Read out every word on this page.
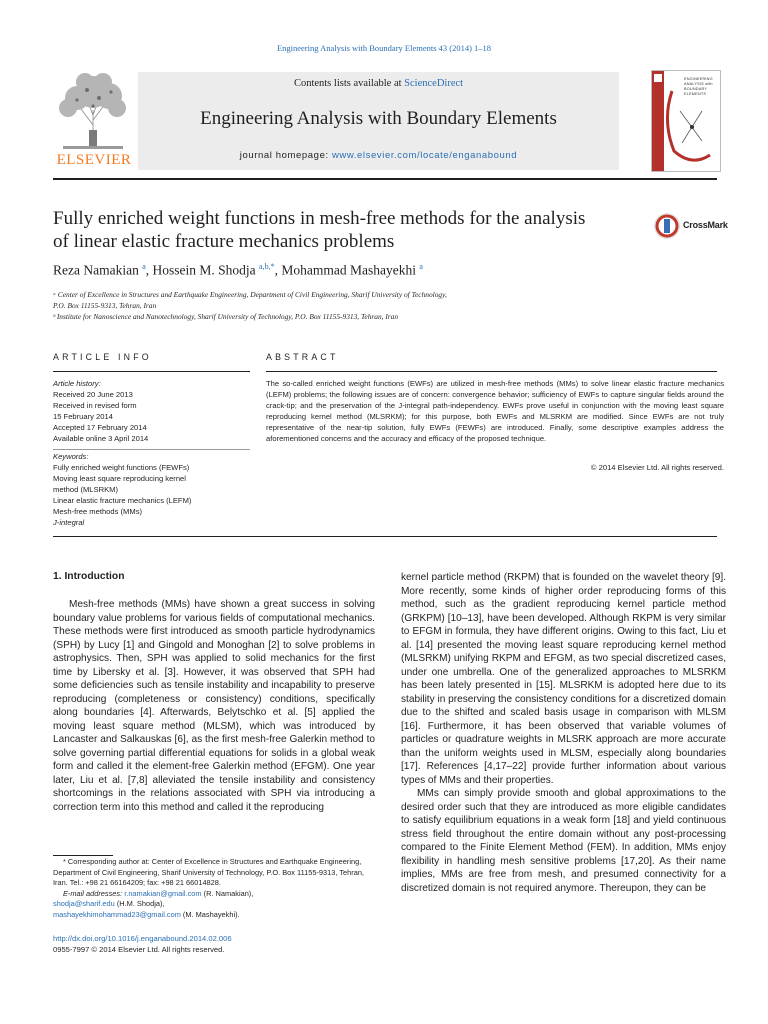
Engineering Analysis with Boundary Elements 43 (2014) 1–18
ELSEVIER
Contents lists available at ScienceDirect
Engineering Analysis with Boundary Elements
journal homepage: www.elsevier.com/locate/enganabound
ENGINEERING ANALYSIS with BOUNDARY ELEMENTS
Fully enriched weight functions in mesh-free methods for the analysis
of linear elastic fracture mechanics problems
CrossMark
Reza Namakian $^a$, Hossein M. Shodja $^{a,b,*}$, Mohammad Mashayekhi $^a$
ᵃ Center of Excellence in Structures and Earthquake Engineering, Department of Civil Engineering, Sharif University of Technology,
P.O. Box 11155-9313, Tehran, Iran
ᵇ Institute for Nanoscience and Nanotechnology, Sharif University of Technology, P.O. Box 11155-9313, Tehran, Iran
ARTICLE INFO	ABSTRACT
Article history:
Received 20 June 2013
Received in revised form
15 February 2014
Accepted 17 February 2014
Available online 3 April 2014
Keywords:
Fully enriched weight functions (FEWFs)
Moving least square reproducing kernel
method (MLSRKM)
Linear elastic fracture mechanics (LEFM)
Mesh-free methods (MMs)
J-integral
The so-called enriched weight functions (EWFs) are utilized in mesh-free methods (MMs) to solve linear elastic fracture mechanics (LEFM) problems; the following issues are of concern: convergence behavior; sufficiency of EWFs to capture singular fields around the crack-tip; and the preservation of the J-integral path-independency. EWFs prove useful in conjunction with the moving least square reproducing kernel method (MLSRKM); for this purpose, both EWFs and MLSRKM are modified. Since EWFs are not truly representative of the near-tip solution, fully EWFs (FEWFs) are introduced. Finally, some descriptive examples address the aforementioned concerns and the accuracy and efficacy of the proposed technique.
© 2014 Elsevier Ltd. All rights reserved.
1. Introduction

Mesh-free methods (MMs) have shown a great success in solving boundary value problems for various fields of computational mechanics. These methods were first introduced as smooth particle hydrodynamics (SPH) by Lucy [1] and Gingold and Monoghan [2] to solve problems in astrophysics. Then, SPH was applied to solid mechanics for the first time by Libersky et al. [3]. However, it was observed that SPH had some deficiencies such as tensile instability and incapability to preserve reproducing (completeness or consistency) conditions, specifically along boundaries [4]. Afterwards, Belytschko et al. [5] applied the moving least square method (MLSM), which was introduced by Lancaster and Salkauskas [6], as the first mesh-free Galerkin method to solve governing partial differential equations for solids in a global weak form and called it the element-free Galerkin method (EFGM). One year later, Liu et al. [7,8] alleviated the tensile instability and consistency shortcomings in the relations associated with SPH via introducing a correction term into this method and called it the reproducing

kernel particle method (RKPM) that is founded on the wavelet theory [9]. More recently, some kinds of higher order reproducing forms of this method, such as the gradient reproducing kernel particle method (GRKPM) [10–13], have been developed. Although RKPM is very similar to EFGM in formula, they have different origins. Owing to this fact, Liu et al. [14] presented the moving least square reproducing kernel method (MLSRKM) unifying RKPM and EFGM, as two special discretized cases, under one umbrella. One of the generalized approaches to MLSRKM has been lately presented in [15]. MLSRKM is adopted here due to its stability in preserving the consistency conditions for a discretized domain due to the shifted and scaled basis usage in comparison with MLSM [16]. Furthermore, it has been observed that variable volumes of particles or quadrature weights in MLSRK approach are more accurate than the uniform weights used in MLSM, especially along boundaries [17]. References [4,17–22] provide further information about various types of MMs and their properties.

MMs can simply provide smooth and global approximations to the desired order such that they are introduced as more eligible candidates to satisfy equilibrium equations in a weak form [18] and yield continuous stress field throughout the entire domain without any post-processing compared to the Finite Element Method (FEM). In addition, MMs enjoy flexibility in handling mesh sensitive problems [17,20]. As their name implies, MMs are free from mesh, and presumed connectivity for a discretized domain is not required anymore. Thereupon, they can be

* Corresponding author at: Center of Excellence in Structures and Earthquake Engineering, Department of Civil Engineering, Sharif University of Technology, P.O. Box 11155-9313, Tehran, Iran. Tel.: +98 21 66164209; fax: +98 21 66014828.
E-mail addresses: r.namakian@gmail.com (R. Namakian),
shodja@sharif.edu (H.M. Shodja),
mashayekhimohammad23@gmail.com (M. Mashayekhi).
http://dx.doi.org/10.1016/j.enganabound.2014.02.006
0955-7997 © 2014 Elsevier Ltd. All rights reserved.
